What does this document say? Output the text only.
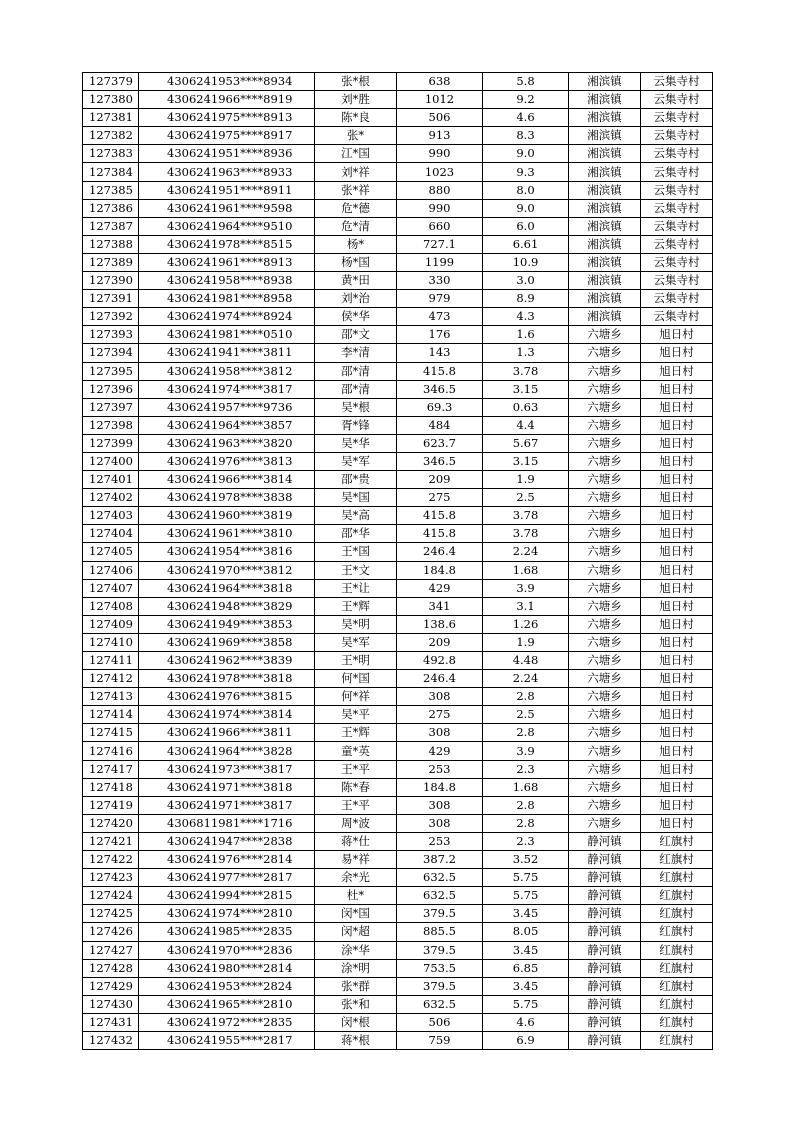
127379	4306241953****8934	张*根	638	5.8	湘滨镇	云集寺村
127380	4306241966****8919	刘*胜	1012	9.2	湘滨镇	云集寺村
127381	4306241975****8913	陈*良	506	4.6	湘滨镇	云集寺村
127382	4306241975****8917	张*	913	8.3	湘滨镇	云集寺村
127383	4306241951****8936	江*国	990	9.0	湘滨镇	云集寺村
127384	4306241963****8933	刘*祥	1023	9.3	湘滨镇	云集寺村
127385	4306241951****8911	张*祥	880	8.0	湘滨镇	云集寺村
127386	4306241961****9598	危*德	990	9.0	湘滨镇	云集寺村
127387	4306241964****9510	危*清	660	6.0	湘滨镇	云集寺村
127388	4306241978****8515	杨*	727.1	6.61	湘滨镇	云集寺村
127389	4306241961****8913	杨*国	1199	10.9	湘滨镇	云集寺村
127390	4306241958****8938	黄*田	330	3.0	湘滨镇	云集寺村
127391	4306241981****8958	刘*治	979	8.9	湘滨镇	云集寺村
127392	4306241974****8924	侯*华	473	4.3	湘滨镇	云集寺村
127393	4306241981****0510	邵*文	176	1.6	六塘乡	旭日村
127394	4306241941****3811	李*清	143	1.3	六塘乡	旭日村
127395	4306241958****3812	邵*清	415.8	3.78	六塘乡	旭日村
127396	4306241974****3817	邵*清	346.5	3.15	六塘乡	旭日村
127397	4306241957****9736	吴*根	69.3	0.63	六塘乡	旭日村
127398	4306241964****3857	胥*锋	484	4.4	六塘乡	旭日村
127399	4306241963****3820	吴*华	623.7	5.67	六塘乡	旭日村
127400	4306241976****3813	吴*军	346.5	3.15	六塘乡	旭日村
127401	4306241966****3814	邵*贵	209	1.9	六塘乡	旭日村
127402	4306241978****3838	吴*国	275	2.5	六塘乡	旭日村
127403	4306241960****3819	吴*高	415.8	3.78	六塘乡	旭日村
127404	4306241961****3810	邵*华	415.8	3.78	六塘乡	旭日村
127405	4306241954****3816	王*国	246.4	2.24	六塘乡	旭日村
127406	4306241970****3812	王*文	184.8	1.68	六塘乡	旭日村
127407	4306241964****3818	王*让	429	3.9	六塘乡	旭日村
127408	4306241948****3829	王*辉	341	3.1	六塘乡	旭日村
127409	4306241949****3853	吴*明	138.6	1.26	六塘乡	旭日村
127410	4306241969****3858	吴*军	209	1.9	六塘乡	旭日村
127411	4306241962****3839	王*明	492.8	4.48	六塘乡	旭日村
127412	4306241978****3818	何*国	246.4	2.24	六塘乡	旭日村
127413	4306241976****3815	何*祥	308	2.8	六塘乡	旭日村
127414	4306241974****3814	吴*平	275	2.5	六塘乡	旭日村
127415	4306241966****3811	王*辉	308	2.8	六塘乡	旭日村
127416	4306241964****3828	童*英	429	3.9	六塘乡	旭日村
127417	4306241973****3817	王*平	253	2.3	六塘乡	旭日村
127418	4306241971****3818	陈*春	184.8	1.68	六塘乡	旭日村
127419	4306241971****3817	王*平	308	2.8	六塘乡	旭日村
127420	4306811981****1716	周*波	308	2.8	六塘乡	旭日村
127421	4306241947****2838	蒋*仕	253	2.3	静河镇	红旗村
127422	4306241976****2814	易*祥	387.2	3.52	静河镇	红旗村
127423	4306241977****2817	余*光	632.5	5.75	静河镇	红旗村
127424	4306241994****2815	杜*	632.5	5.75	静河镇	红旗村
127425	4306241974****2810	闵*国	379.5	3.45	静河镇	红旗村
127426	4306241985****2835	闵*超	885.5	8.05	静河镇	红旗村
127427	4306241970****2836	涂*华	379.5	3.45	静河镇	红旗村
127428	4306241980****2814	涂*明	753.5	6.85	静河镇	红旗村
127429	4306241953****2824	张*群	379.5	3.45	静河镇	红旗村
127430	4306241965****2810	张*和	632.5	5.75	静河镇	红旗村
127431	4306241972****2835	闵*根	506	4.6	静河镇	红旗村
127432	4306241955****2817	蒋*根	759	6.9	静河镇	红旗村
